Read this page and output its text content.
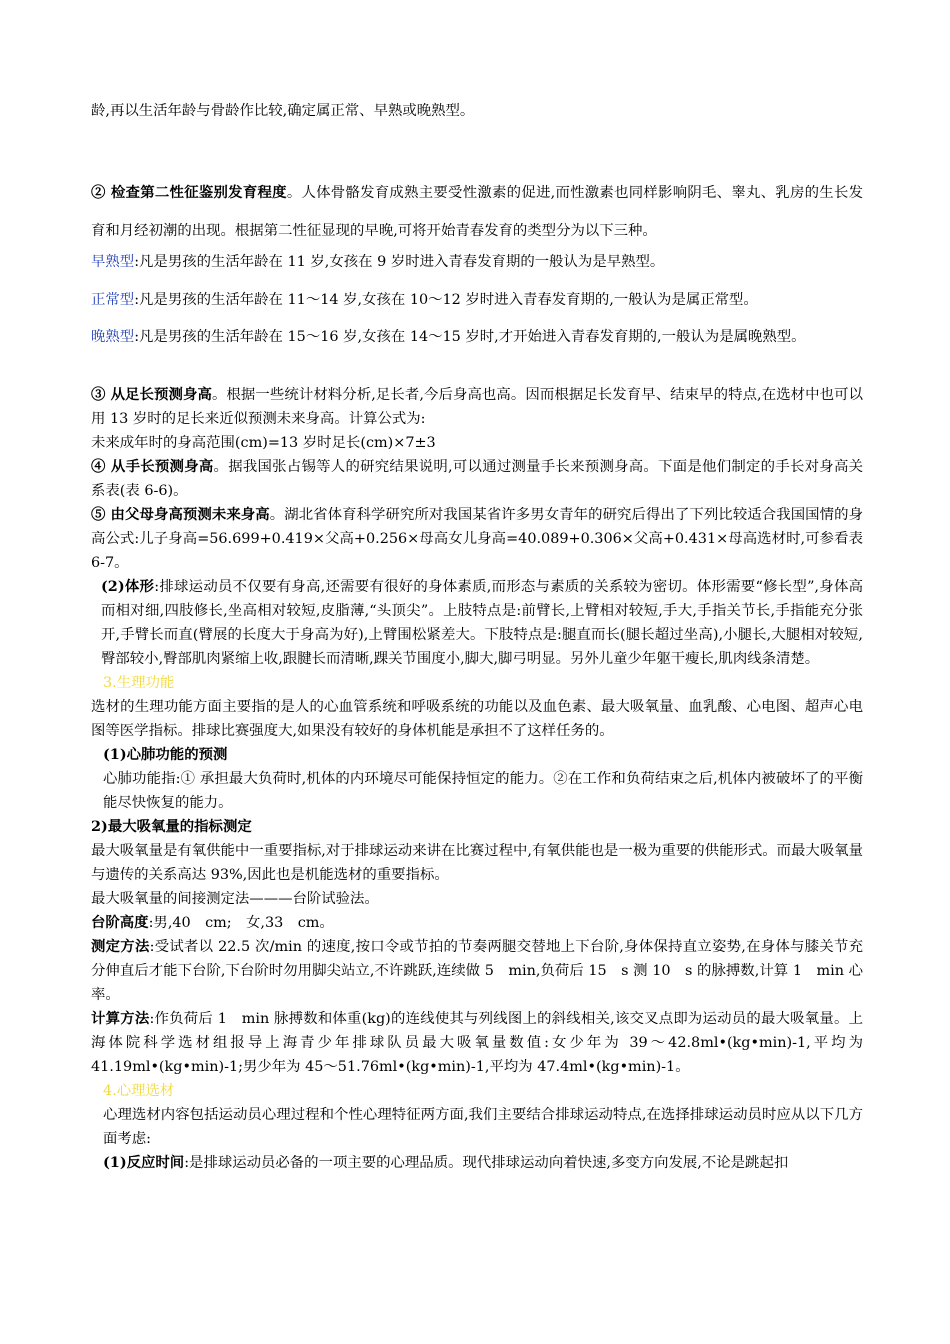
龄,再以生活年龄与骨龄作比较,确定属正常、早熟或晚熟型。

② 检查第二性征鉴别发育程度。人体骨骼发育成熟主要受性激素的促进,而性激素也同样影响阴毛、睾丸、乳房的生长发育和月经初潮的出现。根据第二性征显现的早晚,可将开始青春发育的类型分为以下三种。

早熟型:凡是男孩的生活年龄在 11 岁,女孩在 9 岁时进入青春发育期的一般认为是早熟型。

正常型:凡是男孩的生活年龄在 11～14 岁,女孩在 10～12 岁时进入青春发育期的,一般认为是属正常型。

晚熟型:凡是男孩的生活年龄在 15～16 岁,女孩在 14～15 岁时,才开始进入青春发育期的,一般认为是属晚熟型。

③ 从足长预测身高。根据一些统计材料分析,足长者,今后身高也高。因而根据足长发育早、结束早的特点,在选材中也可以用 13 岁时的足长来近似预测未来身高。计算公式为:

未来成年时的身高范围(cm)=13 岁时足长(cm)×7±3

④ 从手长预测身高。据我国张占锡等人的研究结果说明,可以通过测量手长来预测身高。下面是他们制定的手长对身高关系表(表 6-6)。

⑤ 由父母身高预测未来身高。湖北省体育科学研究所对我国某省许多男女青年的研究后得出了下列比较适合我国国情的身高公式:儿子身高=56.699+0.419×父高+0.256×母高女儿身高=40.089+0.306×父高+0.431×母高选材时,可参看表 6-7。

(2)体形:排球运动员不仅要有身高,还需要有很好的身体素质,而形态与素质的关系较为密切。体形需要“修长型”,身体高而相对细,四肢修长,坐高相对较短,皮脂薄,“头顶尖”。上肢特点是:前臂长,上臂相对较短,手大,手指关节长,手指能充分张开,手臂长而直(臂展的长度大于身高为好),上臂围松紧差大。下肢特点是:腿直而长(腿长超过坐高),小腿长,大腿相对较短,臀部较小,臀部肌肉紧缩上收,跟腱长而清晰,踝关节围度小,脚大,脚弓明显。另外儿童少年躯干瘦长,肌肉线条清楚。

3.生理功能

选材的生理功能方面主要指的是人的心血管系统和呼吸系统的功能以及血色素、最大吸氧量、血乳酸、心电图、超声心电图等医学指标。排球比赛强度大,如果没有较好的身体机能是承担不了这样任务的。

(1)心肺功能的预测

心肺功能指:① 承担最大负荷时,机体的内环境尽可能保持恒定的能力。②在工作和负荷结束之后,机体内被破坏了的平衡能尽快恢复的能力。

2)最大吸氧量的指标测定

最大吸氧量是有氧供能中一重要指标,对于排球运动来讲在比赛过程中,有氧供能也是一极为重要的供能形式。而最大吸氧量与遗传的关系高达 93%,因此也是机能选材的重要指标。

最大吸氧量的间接测定法———台阶试验法。

台阶高度:男,40　cm;　女,33　cm。

测定方法:受试者以 22.5 次/min 的速度,按口令或节拍的节奏两腿交替地上下台阶,身体保持直立姿势,在身体与膝关节充分伸直后才能下台阶,下台阶时勿用脚尖站立,不许跳跃,连续做 5　min,负荷后 15　s 测 10　s 的脉搏数,计算 1　min 心率。

计算方法:作负荷后 1　min 脉搏数和体重(kg)的连线使其与列线图上的斜线相关,该交叉点即为运动员的最大吸氧量。上海体院科学选材组报导上海青少年排球队员最大吸氧量数值:女少年为 39～42.8ml•(kg•min)-1,平均为 41.19ml•(kg•min)-1;男少年为 45～51.76ml•(kg•min)-1,平均为 47.4ml•(kg•min)-1。

4.心理选材

心理选材内容包括运动员心理过程和个性心理特征两方面,我们主要结合排球运动特点,在选择排球运动员时应从以下几方面考虑:

(1)反应时间:是排球运动员必备的一项主要的心理品质。现代排球运动向着快速,多变方向发展,不论是跳起扣
